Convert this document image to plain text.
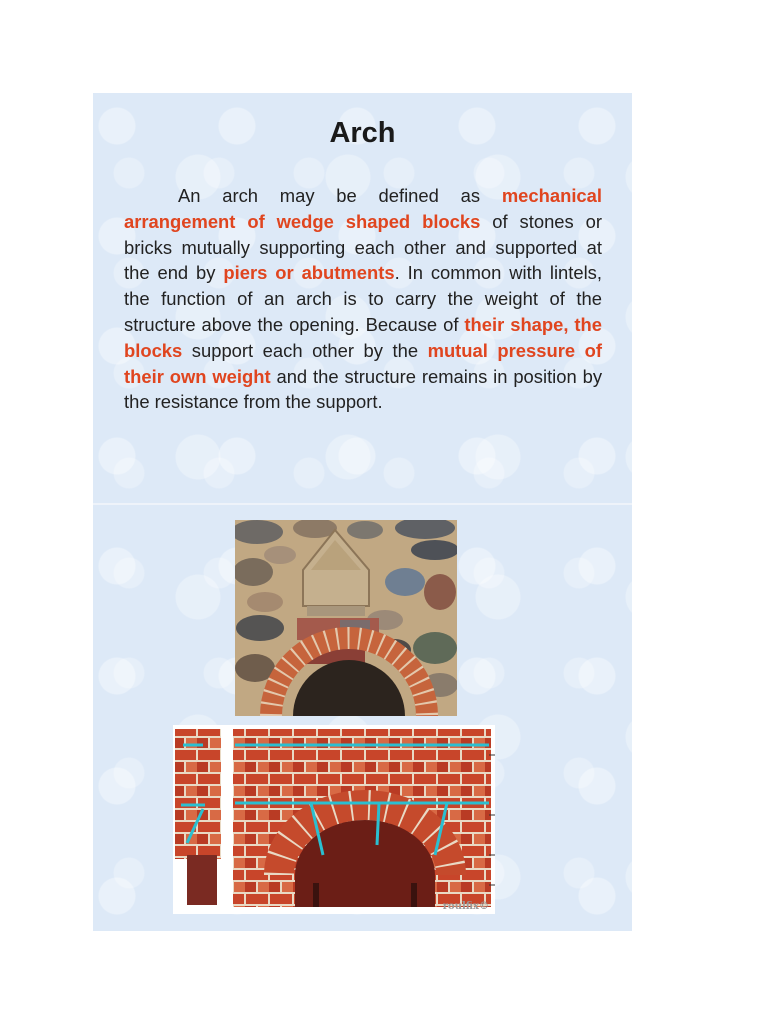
Arch
An arch may be defined as mechanical arrangement of wedge shaped blocks of stones or bricks mutually supporting each other and supported at the end by piers or abutments. In common with lintels, the function of an arch is to carry the weight of the structure above the opening. Because of their shape, the blocks support each other by the mutual pressure of their own weight and the structure remains in position by the resistance from the support.
roulfix©
